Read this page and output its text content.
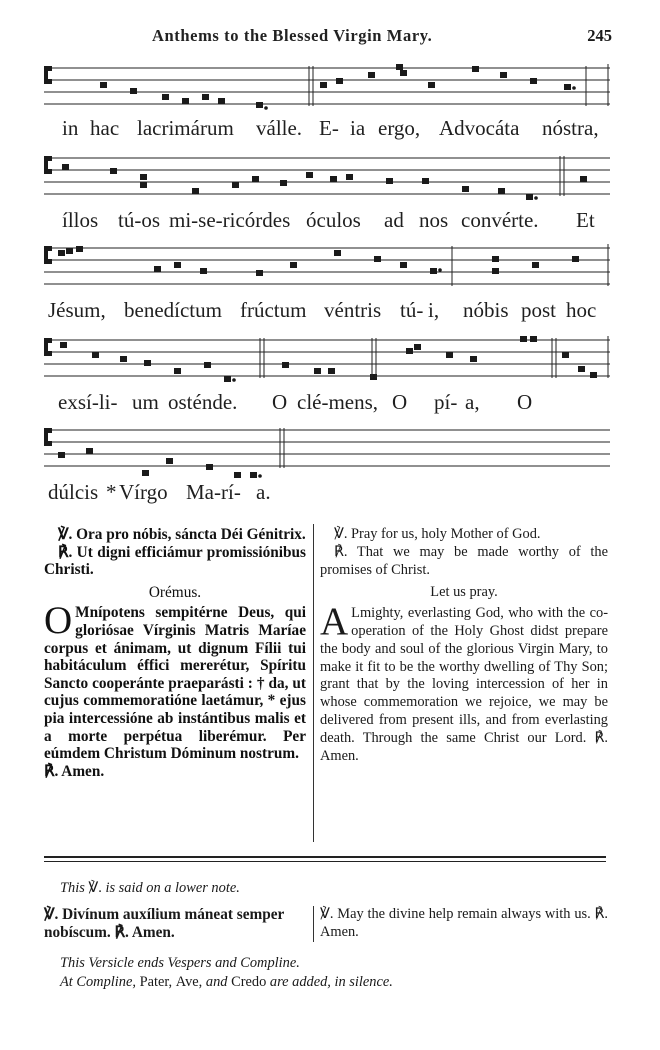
Anthems to the Blessed Virgin Mary.	245
in hac lacrimárum válle. E- ia ergo, Advocáta nóstra,
íllos tú-os mi-se-ricórdes óculos ad nos convérte. Et
Jésum, benedíctum frúctum véntris tú- i, nóbis post hoc
exsí-li- um osténde. O clé-mens, O pí- a, O
dúlcis * Vírgo Ma-rí- a.

℣. Ora pro nóbis, sáncta Déi Génitrix.

℟. Ut digni efficiámur promissiónibus Christi.

Orémus.

O Mnípotens sempitérne Deus, qui gloriósae Vírginis Matris Maríae corpus et ánimam, ut dignum Fílii tui habitáculum éffici mererétur, Spíritu Sancto cooperánte praeparásti : † da, ut cujus commemoratióne laetámur, * ejus pia intercessióne ab instántibus malis et a morte perpétua liberémur. Per eúmdem Christum Dóminum nostrum.

℟. Amen.

℣. Pray for us, holy Mother of God.

℟. That we may be made worthy of the promises of Christ.

Let us pray.

A Lmighty, everlasting God, who with the co-operation of the Holy Ghost didst prepare the body and soul of the glorious Virgin Mary, to make it fit to be the worthy dwelling of Thy Son; grant that by the loving intercession of her in whose commemoration we rejoice, we may be delivered from present ills, and from everlasting death. Through the same Christ our Lord. ℟. Amen.

This ℣. is said on a lower note.
℣. Divínum auxílium máneat semper nobíscum. ℟. Amen.
℣. May the divine help remain always with us. ℟. Amen.
This Versicle ends Vespers and Compline.
At Compline, Pater, Ave, and Credo are added, in silence.
